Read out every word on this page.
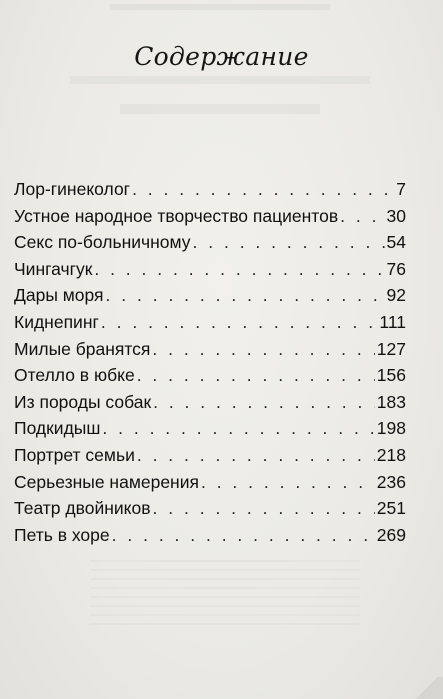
Содержание
Лор-гинеколог . . .	7
Устное народное творчество пациентов . . .	30
Секс по-больничному . . .	54
Чингачгук . . .	76
Дары моря . . .	92
Киднепинг . . .	111
Милые бранятся . . .	127
Отелло в юбке . . .	156
Из породы собак . . .	183
Подкидыш . . .	198
Портрет семьи . . .	218
Серьезные намерения . . .	236
Театр двойников . . .	251
Петь в хоре . . .	269
